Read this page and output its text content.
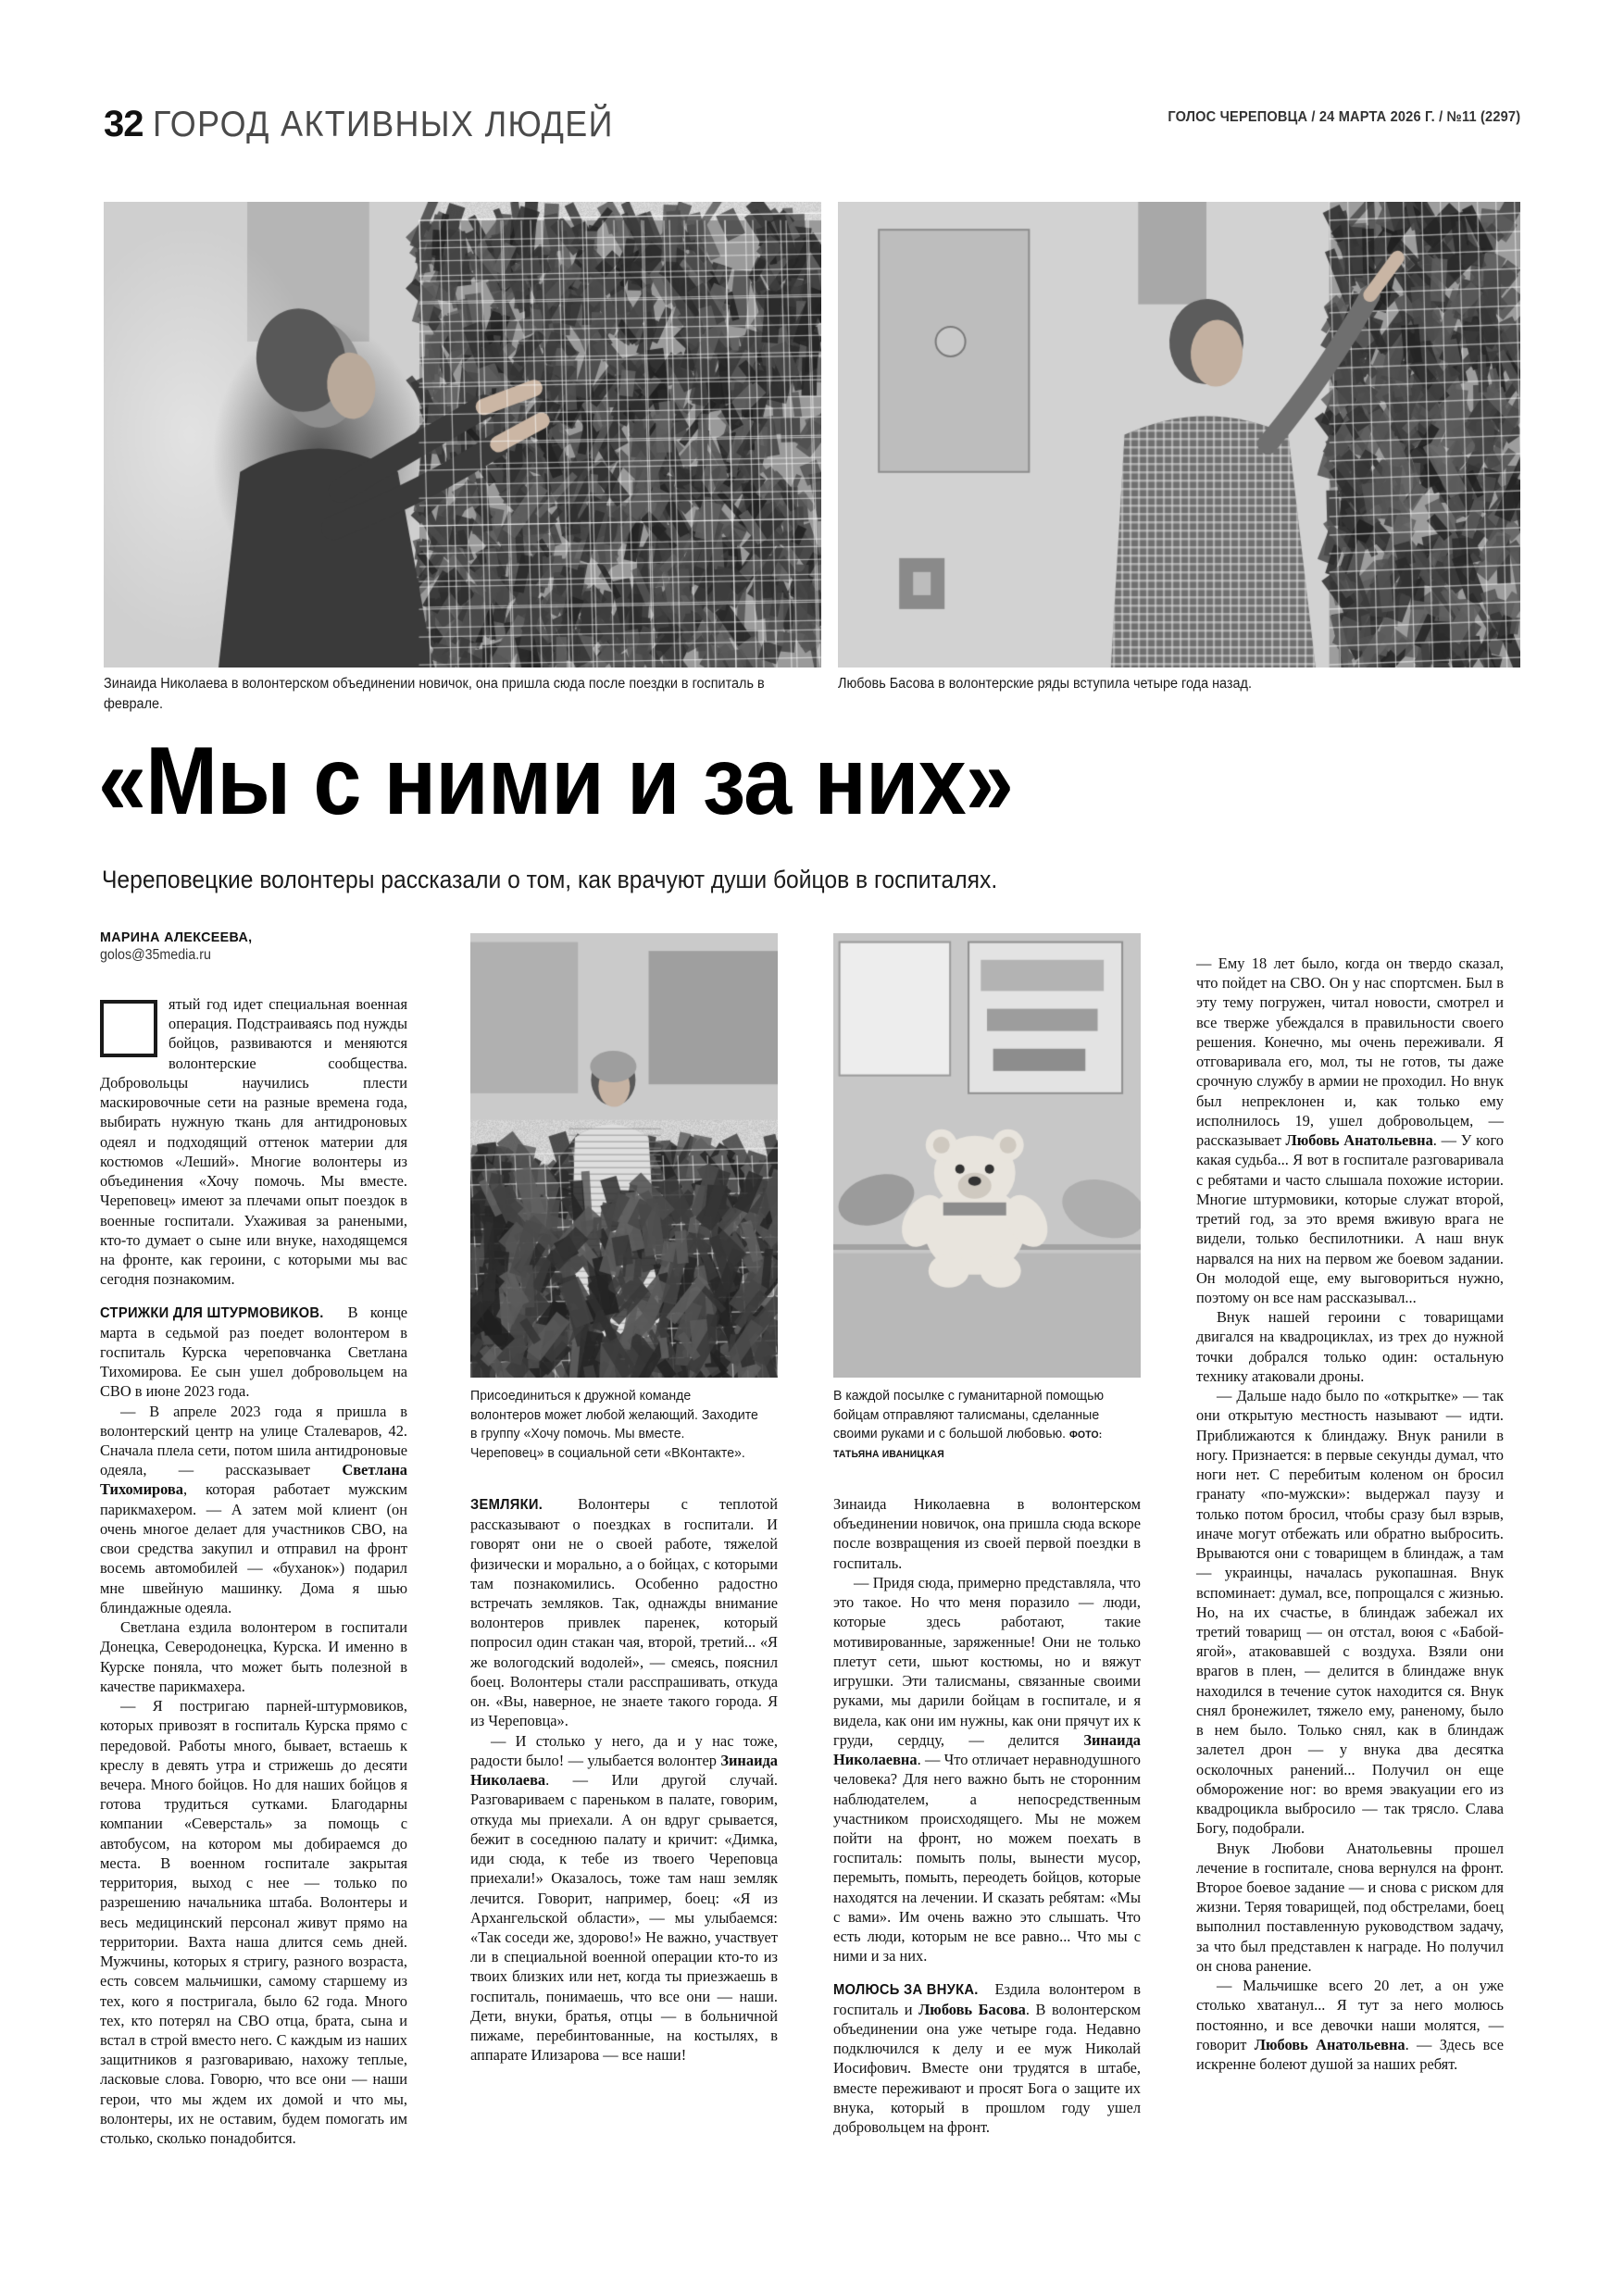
32 ГОРОД АКТИВНЫХ ЛЮДЕЙ	ГОЛОС ЧЕРЕПОВЦА / 24 МАРТА 2026 Г. / №11 (2297)
Зинаида Николаева в волонтерском объединении новичок, она пришла сюда после поездки в госпиталь в феврале.
Любовь Басова в волонтерские ряды вступила четыре года назад.
«Мы с ними и за них»
Череповецкие волонтеры рассказали о том, как врачуют души бойцов в госпиталях.
МАРИНА АЛЕКСЕЕВА,
golos@35media.ru
Присоединиться к дружной команде волонтеров может любой желающий. Заходите в группу «Хочу помочь. Мы вместе. Череповец» в социальной сети «ВКонтакте».
В каждой посылке с гуманитарной помощью бойцам отправляют талисманы, сделанные своими руками и с большой любовью. ФОТО: ТАТЬЯНА ИВАНИЦКАЯ

ятый год идет специальная военная операция. Подстраиваясь под нужды бойцов, развиваются и меняются волонтерские сообщества. Добровольцы научились плести маскировочные сети на разные времена года, выбирать нужную ткань для антидроновых одеял и подходящий оттенок материи для костюмов «Леший». Многие волонтеры из объединения «Хочу помочь. Мы вместе. Череповец» имеют за плечами опыт поездок в военные госпитали. Ухаживая за ранеными, кто-то думает о сыне или внуке, находящемся на фронте, как героини, с которыми мы вас сегодня познакомим.

СТРИЖКИ ДЛЯ ШТУРМОВИКОВ. В конце марта в седьмой раз поедет волонтером в госпиталь Курска череповчанка Светлана Тихомирова. Ее сын ушел добровольцем на СВО в июне 2023 года.

— В апреле 2023 года я пришла в волонтерский центр на улице Сталеваров, 42. Сначала плела сети, потом шила антидроновые одеяла, — рассказывает Светлана Тихомирова, которая работает мужским парикмахером. — А затем мой клиент (он очень многое делает для участников СВО, на свои средства закупил и отправил на фронт восемь автомобилей — «буханок») подарил мне швейную машинку. Дома я шью блиндажные одеяла.

Светлана ездила волонтером в госпитали Донецка, Северодонецка, Курска. И именно в Курске поняла, что может быть полезной в качестве парикмахера.

— Я постригаю парней-штурмовиков, которых привозят в госпиталь Курска прямо с передовой. Работы много, бывает, встаешь к креслу в девять утра и стрижешь до десяти вечера. Много бойцов. Но для наших бойцов я готова трудиться сутками. Благодарны компании «Северсталь» за помощь с автобусом, на котором мы добираемся до места. В военном госпитале закрытая территория, выход с нее — только по разрешению начальника штаба. Волонтеры и весь медицинский персонал живут прямо на территории. Вахта наша длится семь дней. Мужчины, которых я стригу, разного возраста, есть совсем мальчишки, самому старшему из тех, кого я постригала, было 62 года. Много тех, кто потерял на СВО отца, брата, сына и встал в строй вместо него. С каждым из наших защитников я разговариваю, нахожу теплые, ласковые слова. Говорю, что все они — наши герои, что мы ждем их домой и что мы, волонтеры, их не оставим, будем помогать им столько, сколько понадобится.

ЗЕМЛЯКИ. Волонтеры с теплотой рассказывают о поездках в госпитали. И говорят они не о своей работе, тяжелой физически и морально, а о бойцах, с которыми там познакомились. Особенно радостно встречать земляков. Так, однажды внимание волонтеров привлек паренек, который попросил один стакан чая, второй, третий... «Я же вологодский водолей», — смеясь, пояснил боец. Волонтеры стали расспрашивать, откуда он. «Вы, наверное, не знаете такого города. Я из Череповца».

— И столько у него, да и у нас тоже, радости было! — улыбается волонтер Зинаида Николаева. — Или другой случай. Разговариваем с пареньком в палате, говорим, откуда мы приехали. А он вдруг срывается, бежит в соседнюю палату и кричит: «Димка, иди сюда, к тебе из твоего Череповца приехали!» Оказалось, тоже там наш земляк лечится. Говорит, например, боец: «Я из Архангельской области», — мы улыбаемся: «Так соседи же, здорово!» Не важно, участвует ли в специальной военной операции кто-то из твоих близких или нет, когда ты приезжаешь в госпиталь, понимаешь, что все они — наши. Дети, внуки, братья, отцы — в больничной пижаме, перебинтованные, на костылях, в аппарате Илизарова — все наши!

Зинаида Николаевна в волонтерском объединении новичок, она пришла сюда вскоре после возвращения из своей первой поездки в госпиталь.

— Придя сюда, примерно представляла, что это такое. Но что меня поразило — люди, которые здесь работают, такие мотивированные, заряженные! Они не только плетут сети, шьют костюмы, но и вяжут игрушки. Эти талисманы, связанные своими руками, мы дарили бойцам в госпитале, и я видела, как они им нужны, как они прячут их к груди, сердцу, — делится Зинаида Николаевна. — Что отличает неравнодушного человека? Для него важно быть не сторонним наблюдателем, а непосредственным участником происходящего. Мы не можем пойти на фронт, но можем поехать в госпиталь: помыть полы, вынести мусор, перемыть, помыть, переодеть бойцов, которые находятся на лечении. И сказать ребятам: «Мы с вами». Им очень важно это слышать. Что есть люди, которым не все равно... Что мы с ними и за них.

МОЛЮСЬ ЗА ВНУКА. Ездила волонтером в госпиталь и Любовь Басова. В волонтерском объединении она уже четыре года. Недавно подключился к делу и ее муж Николай Иосифович. Вместе они трудятся в штабе, вместе переживают и просят Бога о защите их внука, который в прошлом году ушел добровольцем на фронт.

— Ему 18 лет было, когда он твердо сказал, что пойдет на СВО. Он у нас спортсмен. Был в эту тему погружен, читал новости, смотрел и все тверже убеждался в правильности своего решения. Конечно, мы очень переживали. Я отговаривала его, мол, ты не готов, ты даже срочную службу в армии не проходил. Но внук был непреклонен и, как только ему исполнилось 19, ушел добровольцем, — рассказывает Любовь Анатольевна. — У кого какая судьба... Я вот в госпитале разговаривала с ребятами и часто слышала похожие истории. Многие штурмовики, которые служат второй, третий год, за это время вживую врага не видели, только беспилотники. А наш внук нарвался на них на первом же боевом задании. Он молодой еще, ему выговориться нужно, поэтому он все нам рассказывал...

Внук нашей героини с товарищами двигался на квадроциклах, из трех до нужной точки добрался только один: остальную технику атаковали дроны.

— Дальше надо было по «открытке» — так они открытую местность называют — идти. Приближаются к блиндажу. Внук ранили в ногу. Признается: в первые секунды думал, что ноги нет. С перебитым коленом он бросил гранату «по-мужски»: выдержал паузу и только потом бросил, чтобы сразу был взрыв, иначе могут отбежать или обратно выбросить. Врываются они с товарищем в блиндаж, а там — украинцы, началась рукопашная. Внук вспоминает: думал, все, попрощался с жизнью. Но, на их счастье, в блиндаж забежал их третий товарищ — он отстал, воюя с «Бабой-ягой», атаковавшей с воздуха. Взяли они врагов в плен, — делится в блиндаже внук находился в течение суток находится ся. Внук снял бронежилет, тяжело ему, раненому, было в нем было. Только снял, как в блиндаж залетел дрон — у внука два десятка осколочных ранений... Получил он еще обморожение ног: во время эвакуации его из квадроцикла выбросило — так трясло. Слава Богу, подобрали.

Внук Любови Анатольевны прошел лечение в госпитале, снова вернулся на фронт. Второе боевое задание — и снова с риском для жизни. Теряя товарищей, под обстрелами, боец выполнил поставленную руководством задачу, за что был представлен к награде. Но получил он снова ранение.

— Мальчишке всего 20 лет, а он уже столько хватанул... Я тут за него молюсь постоянно, и все девочки наши молятся, — говорит Любовь Анатольевна. — Здесь все искренне болеют душой за наших ребят.
